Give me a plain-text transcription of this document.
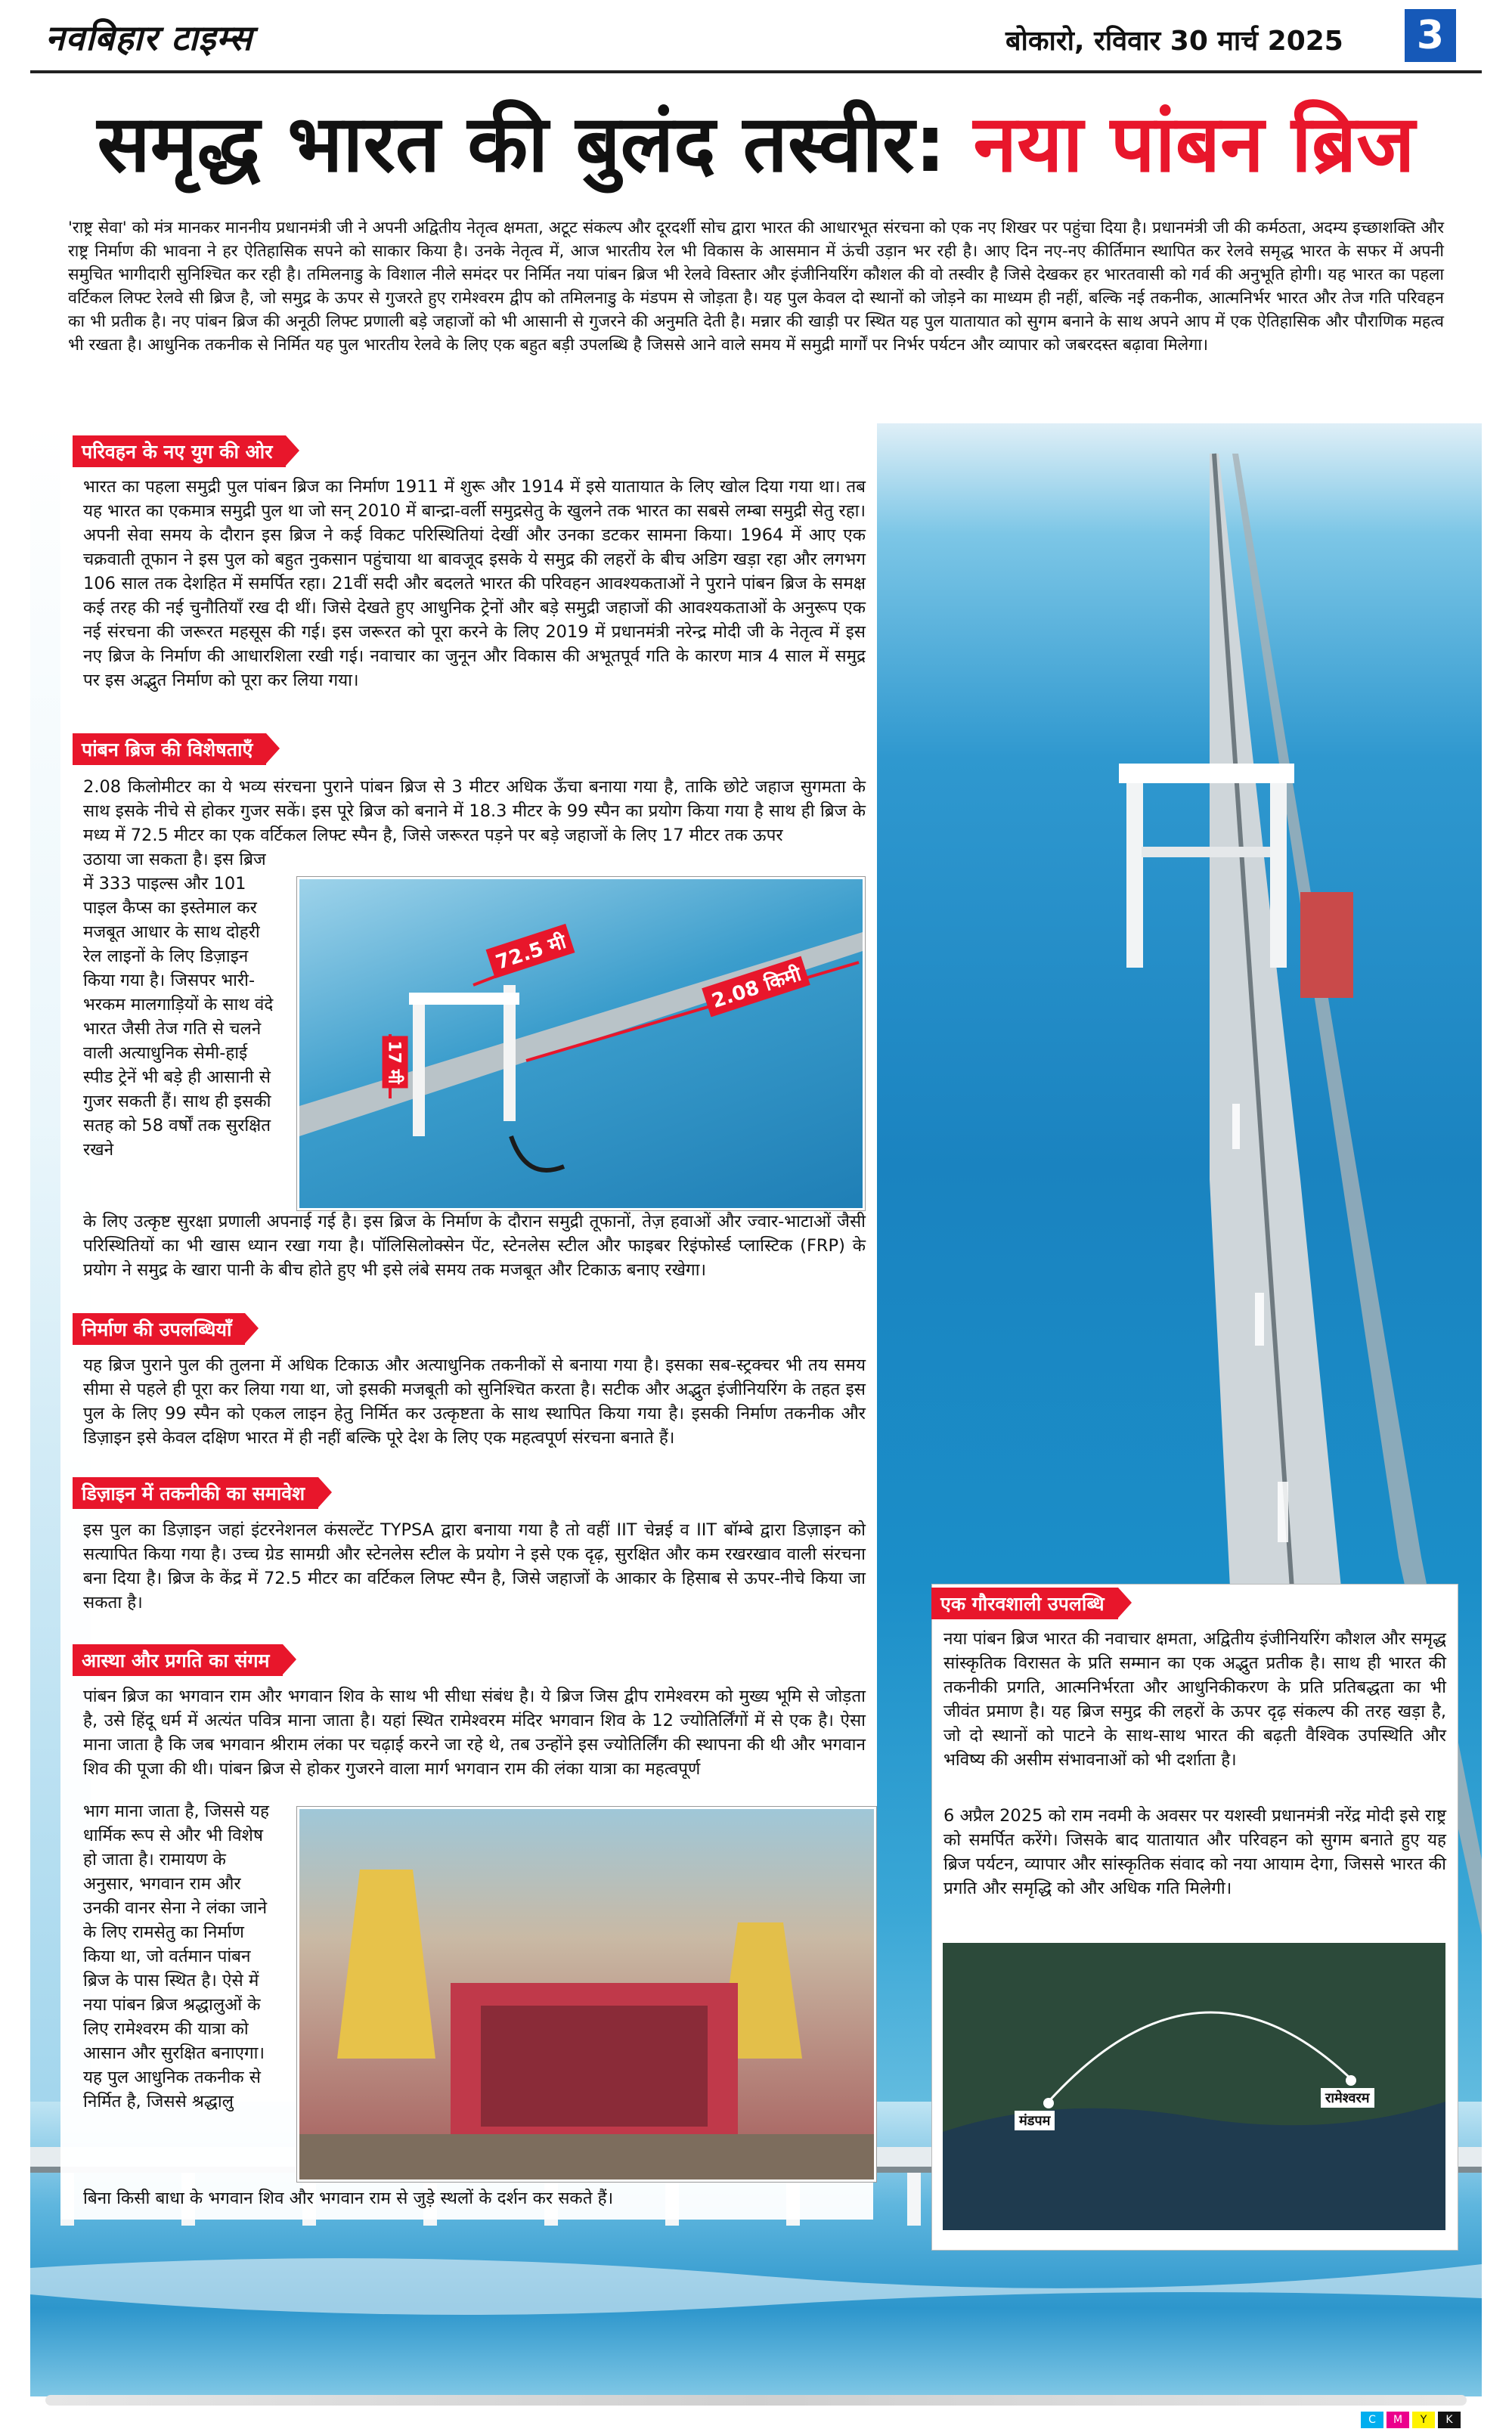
नवबिहार टाइम्स	बोकारो, रविवार 30 मार्च 2025	3
समृद्ध भारत की बुलंद तस्वीर: नया पांबन ब्रिज

'राष्ट्र सेवा' को मंत्र मानकर माननीय प्रधानमंत्री जी ने अपनी अद्वितीय नेतृत्व क्षमता, अटूट संकल्प और दूरदर्शी सोच द्वारा भारत की आधारभूत संरचना को एक नए शिखर पर पहुंचा दिया है। प्रधानमंत्री जी की कर्मठता, अदम्य इच्छाशक्ति और राष्ट्र निर्माण की भावना ने हर ऐतिहासिक सपने को साकार किया है। उनके नेतृत्व में, आज भारतीय रेल भी विकास के आसमान में ऊंची उड़ान भर रही है। आए दिन नए-नए कीर्तिमान स्थापित कर रेलवे समृद्ध भारत के सफर में अपनी समुचित भागीदारी सुनिश्चित कर रही है। तमिलनाडु के विशाल नीले समंदर पर निर्मित नया पांबन ब्रिज भी रेलवे विस्तार और इंजीनियरिंग कौशल की वो तस्वीर है जिसे देखकर हर भारतवासी को गर्व की अनुभूति होगी। यह भारत का पहला वर्टिकल लिफ्ट रेलवे सी ब्रिज है, जो समुद्र के ऊपर से गुजरते हुए रामेश्वरम द्वीप को तमिलनाडु के मंडपम से जोड़ता है। यह पुल केवल दो स्थानों को जोड़ने का माध्यम ही नहीं, बल्कि नई तकनीक, आत्मनिर्भर भारत और तेज गति परिवहन का भी प्रतीक है। नए पांबन ब्रिज की अनूठी लिफ्ट प्रणाली बड़े जहाजों को भी आसानी से गुजरने की अनुमति देती है। मन्नार की खाड़ी पर स्थित यह पुल यातायात को सुगम बनाने के साथ अपने आप में एक ऐतिहासिक और पौराणिक महत्व भी रखता है। आधुनिक तकनीक से निर्मित यह पुल भारतीय रेलवे के लिए एक बहुत बड़ी उपलब्धि है जिससे आने वाले समय में समुद्री मार्गों पर निर्भर पर्यटन और व्यापार को जबरदस्त बढ़ावा मिलेगा।

परिवहन के नए युग की ओर

भारत का पहला समुद्री पुल पांबन ब्रिज का निर्माण 1911 में शुरू और 1914 में इसे यातायात के लिए खोल दिया गया था। तब यह भारत का एकमात्र समुद्री पुल था जो सन् 2010 में बान्द्रा-वर्ली समुद्रसेतु के खुलने तक भारत का सबसे लम्बा समुद्री सेतु रहा। अपनी सेवा समय के दौरान इस ब्रिज ने कई विकट परिस्थितियां देखीं और उनका डटकर सामना किया। 1964 में आए एक चक्रवाती तूफान ने इस पुल को बहुत नुकसान पहुंचाया था बावजूद इसके ये समुद्र की लहरों के बीच अडिग खड़ा रहा और लगभग 106 साल तक देशहित में समर्पित रहा। 21वीं सदी और बदलते भारत की परिवहन आवश्यकताओं ने पुराने पांबन ब्रिज के समक्ष कई तरह की नई चुनौतियाँ रख दी थीं। जिसे देखते हुए आधुनिक ट्रेनों और बड़े समुद्री जहाजों की आवश्यकताओं के अनुरूप एक नई संरचना की जरूरत महसूस की गई। इस जरूरत को पूरा करने के लिए 2019 में प्रधानमंत्री नरेन्द्र मोदी जी के नेतृत्व में इस नए ब्रिज के निर्माण की आधारशिला रखी गई। नवाचार का जुनून और विकास की अभूतपूर्व गति के कारण मात्र 4 साल में समुद्र पर इस अद्भुत निर्माण को पूरा कर लिया गया।

पांबन ब्रिज की विशेषताएँ

2.08 किलोमीटर का ये भव्य संरचना पुराने पांबन ब्रिज से 3 मीटर अधिक ऊँचा बनाया गया है, ताकि छोटे जहाज सुगमता के साथ इसके नीचे से होकर गुजर सकें। इस पूरे ब्रिज को बनाने में 18.3 मीटर के 99 स्पैन का प्रयोग किया गया है साथ ही ब्रिज के मध्य में 72.5 मीटर का एक वर्टिकल लिफ्ट स्पैन है, जिसे जरूरत पड़ने पर बड़े जहाजों के लिए 17 मीटर तक ऊपर

उठाया जा सकता है। इस ब्रिज में 333 पाइल्स और 101 पाइल कैप्स का इस्तेमाल कर मजबूत आधार के साथ दोहरी रेल लाइनों के लिए डिज़ाइन किया गया है। जिसपर भारी-भरकम मालगाड़ियों के साथ वंदे भारत जैसी तेज गति से चलने वाली अत्याधुनिक सेमी-हाई स्पीड ट्रेनें भी बड़े ही आसानी से गुजर सकती हैं। साथ ही इसकी सतह को 58 वर्षों तक सुरक्षित रखने

72.5 मी
2.08 किमी
17 मी

के लिए उत्कृष्ट सुरक्षा प्रणाली अपनाई गई है। इस ब्रिज के निर्माण के दौरान समुद्री तूफानों, तेज़ हवाओं और ज्वार-भाटाओं जैसी परिस्थितियों का भी खास ध्यान रखा गया है। पॉलिसिलोक्सेन पेंट, स्टेनलेस स्टील और फाइबर रिइंफोर्स्ड प्लास्टिक (FRP) के प्रयोग ने समुद्र के खारा पानी के बीच होते हुए भी इसे लंबे समय तक मजबूत और टिकाऊ बनाए रखेगा।

निर्माण की उपलब्धियाँ

यह ब्रिज पुराने पुल की तुलना में अधिक टिकाऊ और अत्याधुनिक तकनीकों से बनाया गया है। इसका सब-स्ट्रक्चर भी तय समय सीमा से पहले ही पूरा कर लिया गया था, जो इसकी मजबूती को सुनिश्चित करता है। सटीक और अद्भुत इंजीनियरिंग के तहत इस पुल के लिए 99 स्पैन को एकल लाइन हेतु निर्मित कर उत्कृष्टता के साथ स्थापित किया गया है। इसकी निर्माण तकनीक और डिज़ाइन इसे केवल दक्षिण भारत में ही नहीं बल्कि पूरे देश के लिए एक महत्वपूर्ण संरचना बनाते हैं।

डिज़ाइन में तकनीकी का समावेश

इस पुल का डिज़ाइन जहां इंटरनेशनल कंसल्टेंट TYPSA द्वारा बनाया गया है तो वहीं IIT चेन्नई व IIT बॉम्बे द्वारा डिज़ाइन को सत्यापित किया गया है। उच्च ग्रेड सामग्री और स्टेनलेस स्टील के प्रयोग ने इसे एक दृढ़, सुरक्षित और कम रखरखाव वाली संरचना बना दिया है। ब्रिज के केंद्र में 72.5 मीटर का वर्टिकल लिफ्ट स्पैन है, जिसे जहाजों के आकार के हिसाब से ऊपर-नीचे किया जा सकता है।

आस्था और प्रगति का संगम

पांबन ब्रिज का भगवान राम और भगवान शिव के साथ भी सीधा संबंध है। ये ब्रिज जिस द्वीप रामेश्वरम को मुख्य भूमि से जोड़ता है, उसे हिंदू धर्म में अत्यंत पवित्र माना जाता है। यहां स्थित रामेश्वरम मंदिर भगवान शिव के 12 ज्योतिर्लिंगों में से एक है। ऐसा माना जाता है कि जब भगवान श्रीराम लंका पर चढ़ाई करने जा रहे थे, तब उन्होंने इस ज्योतिर्लिंग की स्थापना की थी और भगवान शिव की पूजा की थी। पांबन ब्रिज से होकर गुजरने वाला मार्ग भगवान राम की लंका यात्रा का महत्वपूर्ण

भाग माना जाता है, जिससे यह धार्मिक रूप से और भी विशेष हो जाता है। रामायण के अनुसार, भगवान राम और उनकी वानर सेना ने लंका जाने के लिए रामसेतु का निर्माण किया था, जो वर्तमान पांबन ब्रिज के पास स्थित है। ऐसे में नया पांबन ब्रिज श्रद्धालुओं के लिए रामेश्वरम की यात्रा को आसान और सुरक्षित बनाएगा। यह पुल आधुनिक तकनीक से निर्मित है, जिससे श्रद्धालु

बिना किसी बाधा के भगवान शिव और भगवान राम से जुड़े स्थलों के दर्शन कर सकते हैं।

एक गौरवशाली उपलब्धि

नया पांबन ब्रिज भारत की नवाचार क्षमता, अद्वितीय इंजीनियरिंग कौशल और समृद्ध सांस्कृतिक विरासत के प्रति सम्मान का एक अद्भुत प्रतीक है। साथ ही भारत की तकनीकी प्रगति, आत्मनिर्भरता और आधुनिकीकरण के प्रति प्रतिबद्धता का भी जीवंत प्रमाण है। यह ब्रिज समुद्र की लहरों के ऊपर दृढ़ संकल्प की तरह खड़ा है, जो दो स्थानों को पाटने के साथ-साथ भारत की बढ़ती वैश्विक उपस्थिति और भविष्य की असीम संभावनाओं को भी दर्शाता है।

6 अप्रैल 2025 को राम नवमी के अवसर पर यशस्वी प्रधानमंत्री नरेंद्र मोदी इसे राष्ट्र को समर्पित करेंगे। जिसके बाद यातायात और परिवहन को सुगम बनाते हुए यह ब्रिज पर्यटन, व्यापार और सांस्कृतिक संवाद को नया आयाम देगा, जिससे भारत की प्रगति और समृद्धि को और अधिक गति मिलेगी।

मंडपम
रामेश्वरम
C	M	Y	K
